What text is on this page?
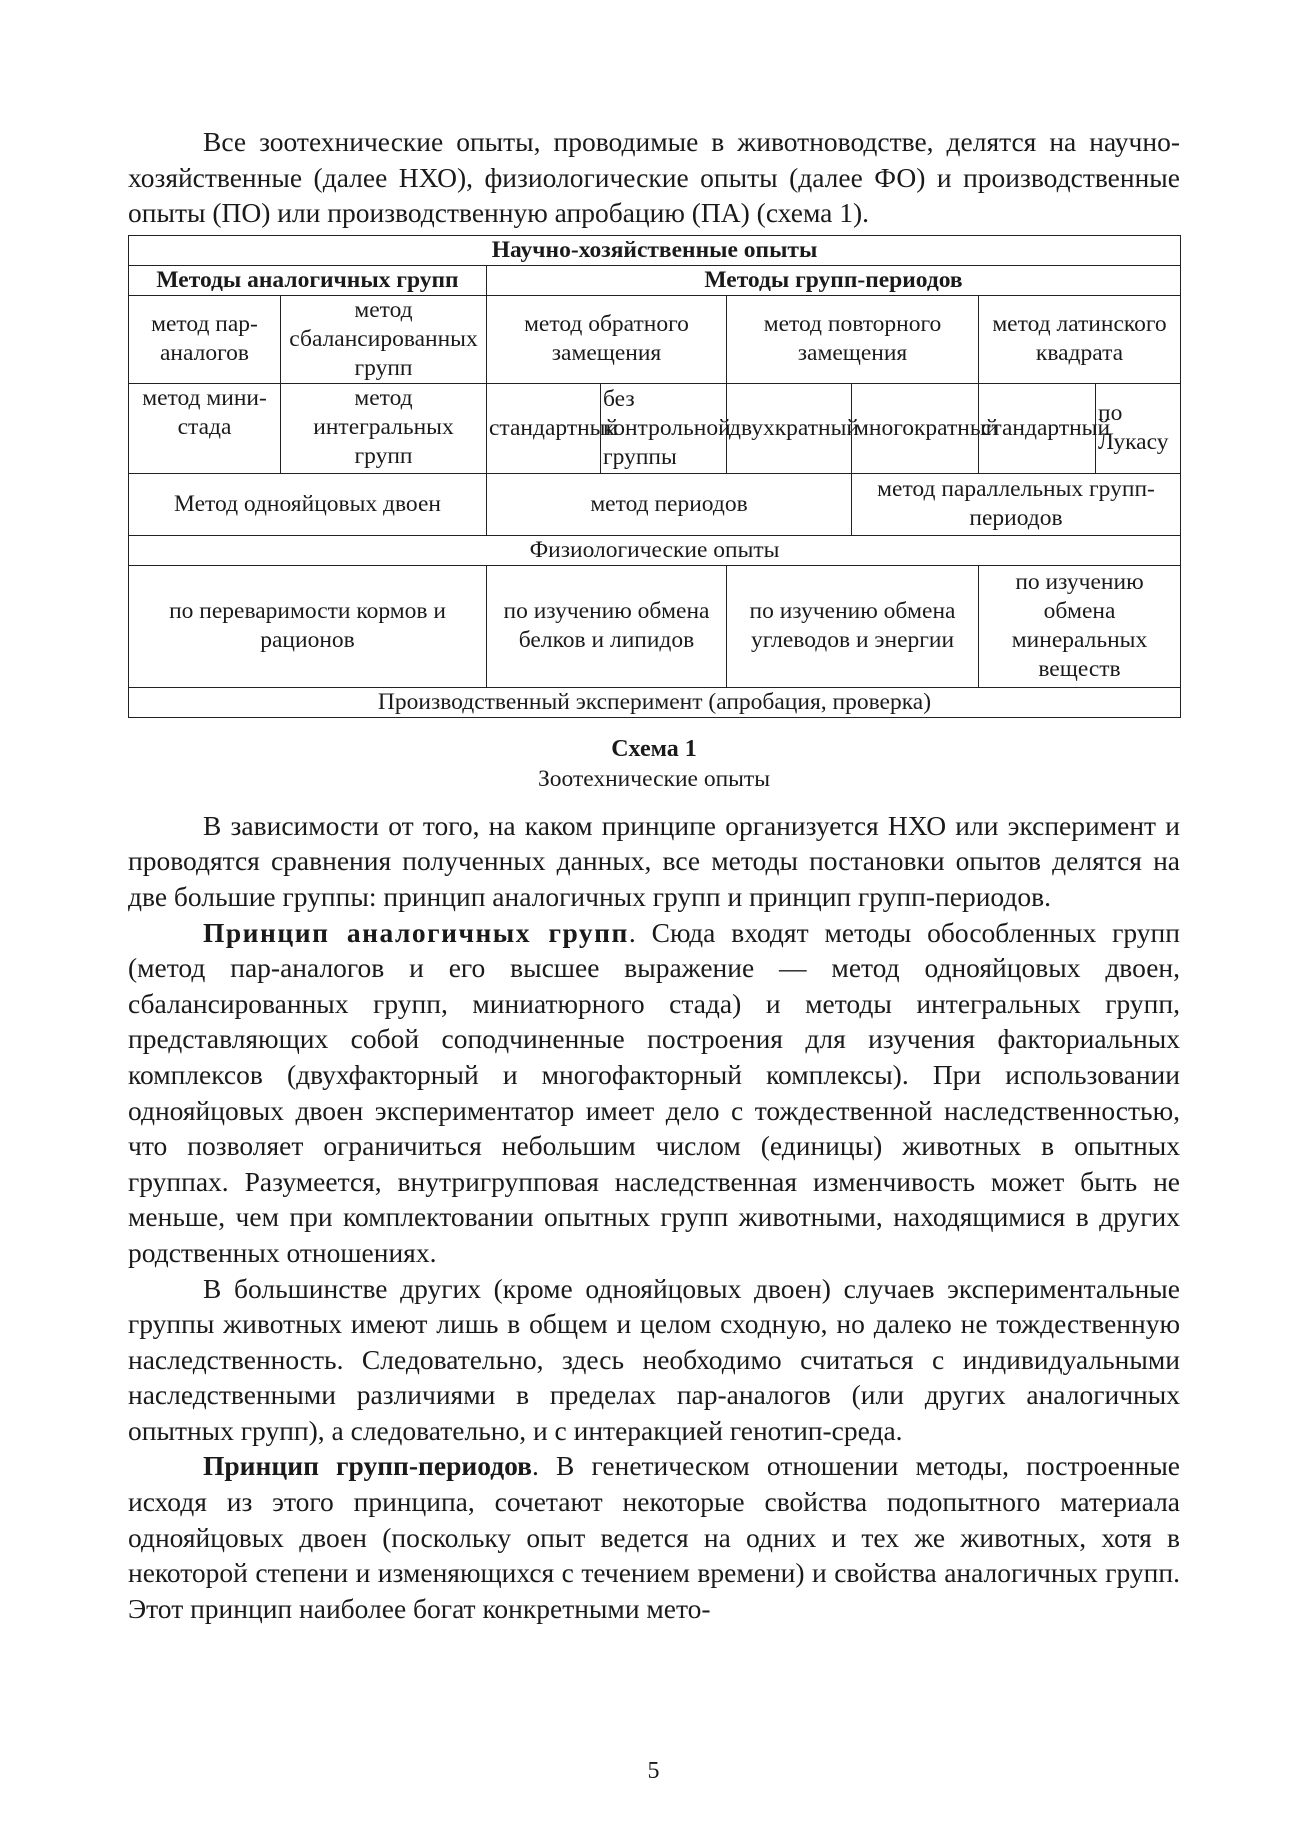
Все зоотехнические опыты, проводимые в животноводстве, делятся на научно-хозяйственные (далее НХО), физиологические опыты (далее ФО) и производственные опыты (ПО) или производственную апробацию (ПА) (схема 1).

Научно-хозяйственные опыты							
Методы аналогичных групп		Методы групп-периодов					
метод пар-аналогов	метод сбалансированных групп	метод обратного замещения		метод повторного замещения		метод латинского квадрата	
метод мини-стада	метод интегральных групп	стандартный	без контрольной группы	двухкратный	многократный	стандартный	по Лукасу
Метод однояйцовых двоен		метод периодов			метод параллельных групп-периодов		
Физиологические опыты							
по переваримости кормов и рационов		по изучению обмена белков и липидов		по изучению обмена углеводов и энергии		по изучению обмена минеральных веществ	
Производственный эксперимент (апробация, проверка)							
Схема 1
Зоотехнические опыты

В зависимости от того, на каком принципе организуется НХО или эксперимент и проводятся сравнения полученных данных, все методы постановки опытов делятся на две большие группы: принцип аналогичных групп и принцип групп-периодов.

Принцип аналогичных групп. Сюда входят методы обособленных групп (метод пар-аналогов и его высшее выражение — метод однояйцовых двоен, сбалансированных групп, миниатюрного стада) и методы интегральных групп, представляющих собой соподчиненные построения для изучения факториальных комплексов (двухфакторный и многофакторный комплексы). При использовании однояйцовых двоен экспериментатор имеет дело с тождественной наследственностью, что позволяет ограничиться небольшим числом (единицы) животных в опытных группах. Разумеется, внутригрупповая наследственная изменчивость может быть не меньше, чем при комплектовании опытных групп животными, находящимися в других родственных отношениях.

В большинстве других (кроме однояйцовых двоен) случаев экспериментальные группы животных имеют лишь в общем и целом сходную, но далеко не тождественную наследственность. Следовательно, здесь необходимо считаться с индивидуальными наследственными различиями в пределах пар-аналогов (или других аналогичных опытных групп), а следовательно, и с интеракцией генотип-среда.

Принцип групп-периодов. В генетическом отношении методы, построенные исходя из этого принципа, сочетают некоторые свойства подопытного материала однояйцовых двоен (поскольку опыт ведется на одних и тех же животных, хотя в некоторой степени и изменяющихся с течением времени) и свойства аналогичных групп. Этот принцип наиболее богат конкретными мето-

5
